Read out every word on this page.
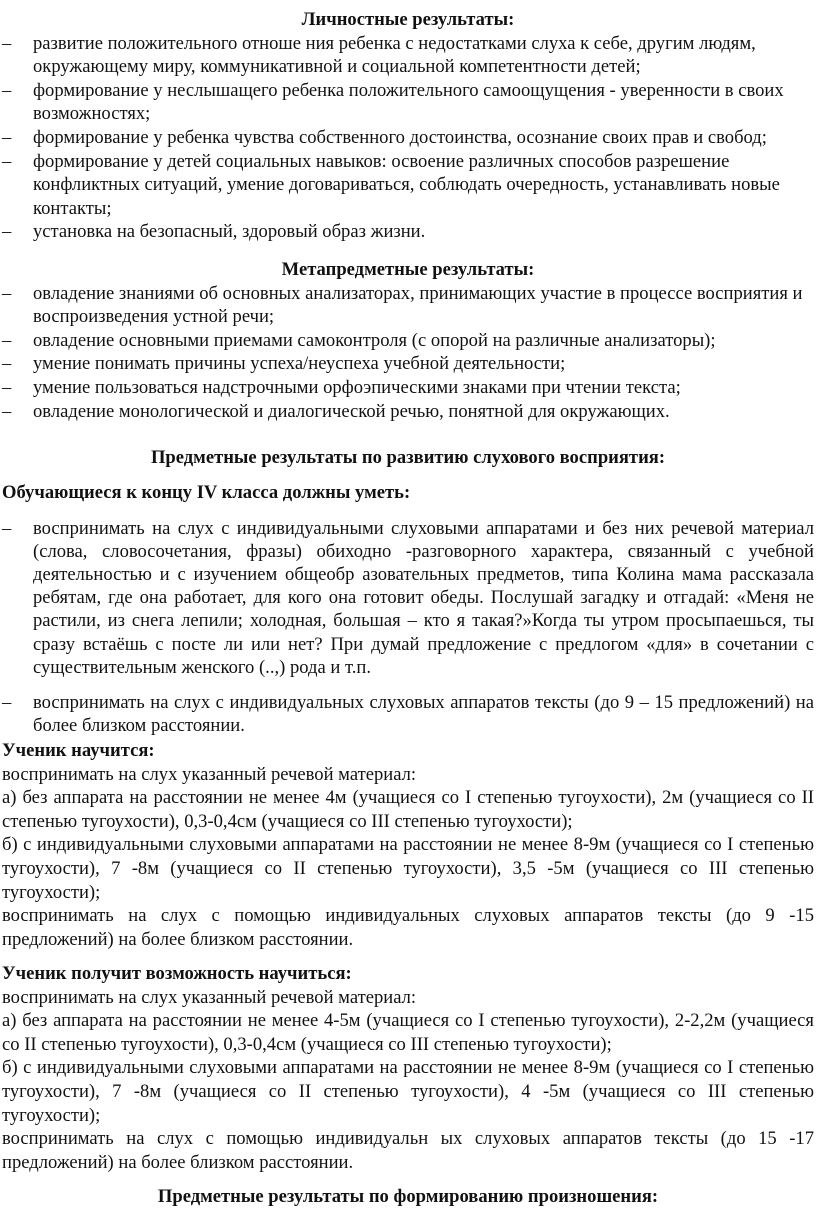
Личностные результаты:

– развитие положительного отноше ния ребенка с недостатками слуха к себе, другим людям, окружающему миру, коммуникативной и социальной компетентности детей;
– формирование у неслышащего ребенка положительного самоощущения - уверенности в своих возможностях;
– формирование у ребенка чувства собственного достоинства, осознание своих прав и свобод;
– формирование у детей социальных навыков: освоение различных способов разрешение конфликтных ситуаций, умение договариваться, соблюдать очередность, устанавливать новые контакты;
– установка на безопасный, здоровый образ жизни.

Метапредметные результаты:

– овладение знаниями об основных анализаторах, принимающих участие в процессе восприятия и воспроизведения устной речи;
– овладение основными приемами самоконтроля (с опорой на различные анализаторы);
– умение понимать причины успеха/неуспеха учебной деятельности;
– умение пользоваться надстрочными орфоэпическими знаками при чтении текста;
– овладение монологической и диалогической речью, понятной для окружающих.

Предметные результаты по развитию слухового восприятия:

Обучающиеся к концу IV класса должны уметь:

– воспринимать на слух с индивидуальными слуховыми аппаратами и без них речевой материал (слова, словосочетания, фразы) обиходно -разговорного характера, связанный с учебной деятельностью и с изучением общеобр азовательных предметов, типа Колина мама рассказала ребятам, где она работает, для кого она готовит обеды. Послушай загадку и отгадай: «Меня не растили, из снега лепили; холодная, большая – кто я такая?»Когда ты утром просыпаешься, ты сразу встаёшь с посте ли или нет? При думай предложение с предлогом «для» в сочетании с существительным женского (..,) рода и т.п.
– воспринимать на слух с индивидуальных слуховых аппаратов тексты (до 9 – 15 предложений) на более близком расстоянии.

Ученик научится:

воспринимать на слух указанный речевой материал:

а) без аппарата на расстоянии не менее 4м (учащиеся со I степенью тугоухости), 2м (учащиеся со II степенью тугоухости), 0,3-0,4см (учащиеся со III степенью тугоухости);

б) с индивидуальными слуховыми аппаратами на расстоянии не менее 8-9м (учащиеся со I степенью тугоухости), 7 -8м (учащиеся со II степенью тугоухости), 3,5 -5м (учащиеся со III степенью тугоухости);

воспринимать на слух с помощью индивидуальных слуховых аппаратов тексты (до 9 -15 предложений) на более близком расстоянии.

Ученик получит возможность научиться:

воспринимать на слух указанный речевой материал:

а) без аппарата на расстоянии не менее 4-5м (учащиеся со I степенью тугоухости), 2-2,2м (учащиеся со II степенью тугоухости), 0,3-0,4см (учащиеся со III степенью тугоухости);

б) с индивидуальными слуховыми аппаратами на расстоянии не менее 8-9м (учащиеся со I степенью тугоухости), 7 -8м (учащиеся со II степенью тугоухости), 4 -5м (учащиеся со III степенью тугоухости);

воспринимать на слух с помощью индивидуальн ых слуховых аппаратов тексты (до 15 -17 предложений) на более близком расстоянии.

Предметные результаты по формированию произношения:
